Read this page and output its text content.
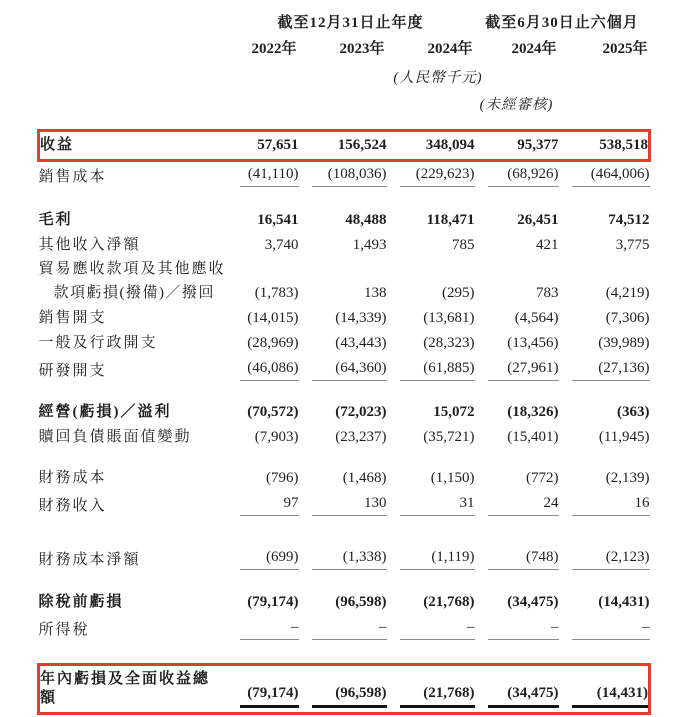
	截至12月31日止年度			截至6月30日止六個月	
	2022年	2023年	2024年	2024年	2025年
	(人民幣千元)				
				(未經審核)	

收益	57,651	156,524	348,094	95,377	538,518

銷售成本	(41,110)	(108,036)	(229,623)	(68,926)	(464,006)

毛利	16,541	48,488	118,471	26,451	74,512

其他收入淨額	3,740	1,493	785	421	3,775

貿易應收款項及其他應收					
款項虧損(撥備)／撥回	(1,783)	138	(295)	783	(4,219)

銷售開支	(14,015)	(14,339)	(13,681)	(4,564)	(7,306)

一般及行政開支	(28,969)	(43,443)	(28,323)	(13,456)	(39,989)

研發開支	(46,086)	(64,360)	(61,885)	(27,961)	(27,136)

經營(虧損)／溢利	(70,572)	(72,023)	15,072	(18,326)	(363)

贖回負債賬面值變動	(7,903)	(23,237)	(35,721)	(15,401)	(11,945)

財務成本	(796)	(1,468)	(1,150)	(772)	(2,139)

財務收入	97	130	31	24	16

財務成本淨額	(699)	(1,338)	(1,119)	(748)	(2,123)

除稅前虧損	(79,174)	(96,598)	(21,768)	(34,475)	(14,431)

所得稅	–	–	–	–	–

年內虧損及全面收益總額	(79,174)	(96,598)	(21,768)	(34,475)	(14,431)
